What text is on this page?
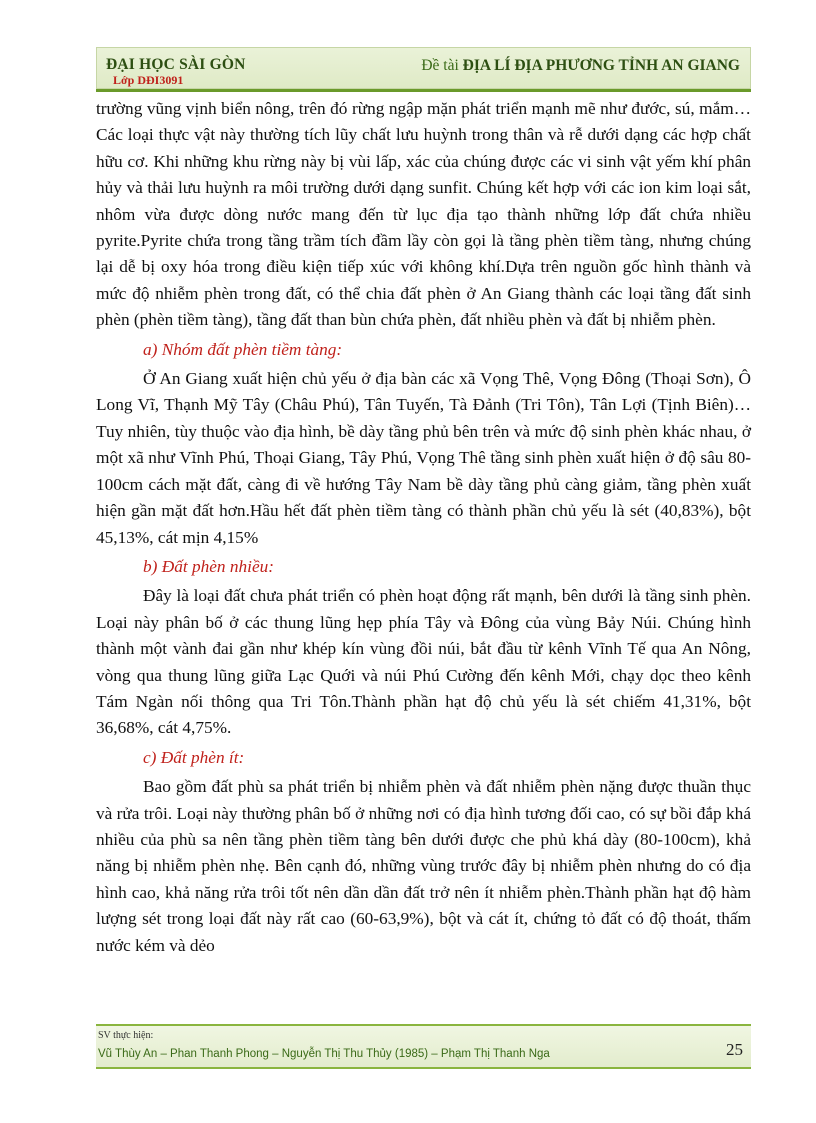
ĐẠI HỌC SÀI GÒN
Lớp DĐI3091
Đề tài ĐỊA LÍ ĐỊA PHƯƠNG TỈNH AN GIANG

trường vũng vịnh biển nông, trên đó rừng ngập mặn phát triển mạnh mẽ như đước, sú, mắm…Các loại thực vật này thường tích lũy chất lưu huỳnh trong thân và rễ dưới dạng các hợp chất hữu cơ. Khi những khu rừng này bị vùi lấp, xác của chúng được các vi sinh vật yếm khí phân hủy và thải lưu huỳnh ra môi trường dưới dạng sunfit. Chúng kết hợp với các ion kim loại sắt, nhôm vừa được dòng nước mang đến từ lục địa tạo thành những lớp đất chứa nhiều pyrite.Pyrite chứa trong tầng trầm tích đầm lầy còn gọi là tầng phèn tiềm tàng, nhưng chúng lại dễ bị oxy hóa trong điều kiện tiếp xúc với không khí.Dựa trên nguồn gốc hình thành và mức độ nhiễm phèn trong đất, có thể chia đất phèn ở An Giang thành các loại tầng đất sinh phèn (phèn tiềm tàng), tầng đất than bùn chứa phèn, đất nhiều phèn và đất bị nhiễm phèn.

a) Nhóm đất phèn tiềm tàng:

Ở An Giang xuất hiện chủ yếu ở địa bàn các xã Vọng Thê, Vọng Đông (Thoại Sơn), Ô Long Vĩ, Thạnh Mỹ Tây (Châu Phú), Tân Tuyến, Tà Đảnh (Tri Tôn), Tân Lợi (Tịnh Biên)… Tuy nhiên, tùy thuộc vào địa hình, bề dày tầng phủ bên trên và mức độ sinh phèn khác nhau, ở một xã như Vĩnh Phú, Thoại Giang, Tây Phú, Vọng Thê tầng sinh phèn xuất hiện ở độ sâu 80-100cm cách mặt đất, càng đi về hướng Tây Nam bề dày tầng phủ càng giảm, tầng phèn xuất hiện gần mặt đất hơn.Hầu hết đất phèn tiềm tàng có thành phần chủ yếu là sét (40,83%), bột 45,13%, cát mịn 4,15%

b) Đất phèn nhiều:

Đây là loại đất chưa phát triển có phèn hoạt động rất mạnh, bên dưới là tầng sinh phèn. Loại này phân bố ở các thung lũng hẹp phía Tây và Đông của vùng Bảy Núi. Chúng hình thành một vành đai gần như khép kín vùng đồi núi, bắt đầu từ kênh Vĩnh Tế qua An Nông, vòng qua thung lũng giữa Lạc Quới và núi Phú Cường đến kênh Mới, chạy dọc theo kênh Tám Ngàn nối thông qua Tri Tôn.Thành phần hạt độ chủ yếu là sét chiếm 41,31%, bột 36,68%, cát 4,75%.

c) Đất phèn ít:

Bao gồm đất phù sa phát triển bị nhiễm phèn và đất nhiễm phèn nặng được thuần thục và rửa trôi. Loại này thường phân bố ở những nơi có địa hình tương đối cao, có sự bồi đắp khá nhiều của phù sa nên tầng phèn tiềm tàng bên dưới được che phủ khá dày (80-100cm), khả năng bị nhiễm phèn nhẹ. Bên cạnh đó, những vùng trước đây bị nhiễm phèn nhưng do có địa hình cao, khả năng rửa trôi tốt nên dần dần đất trở nên ít nhiễm phèn.Thành phần hạt độ hàm lượng sét trong loại đất này rất cao (60-63,9%), bột và cát ít, chứng tỏ đất có độ thoát, thấm nước kém và dẻo

SV thực hiện:
Vũ Thùy An – Phan Thanh Phong – Nguyễn Thị Thu Thủy (1985) – Phạm Thị Thanh Nga	25
